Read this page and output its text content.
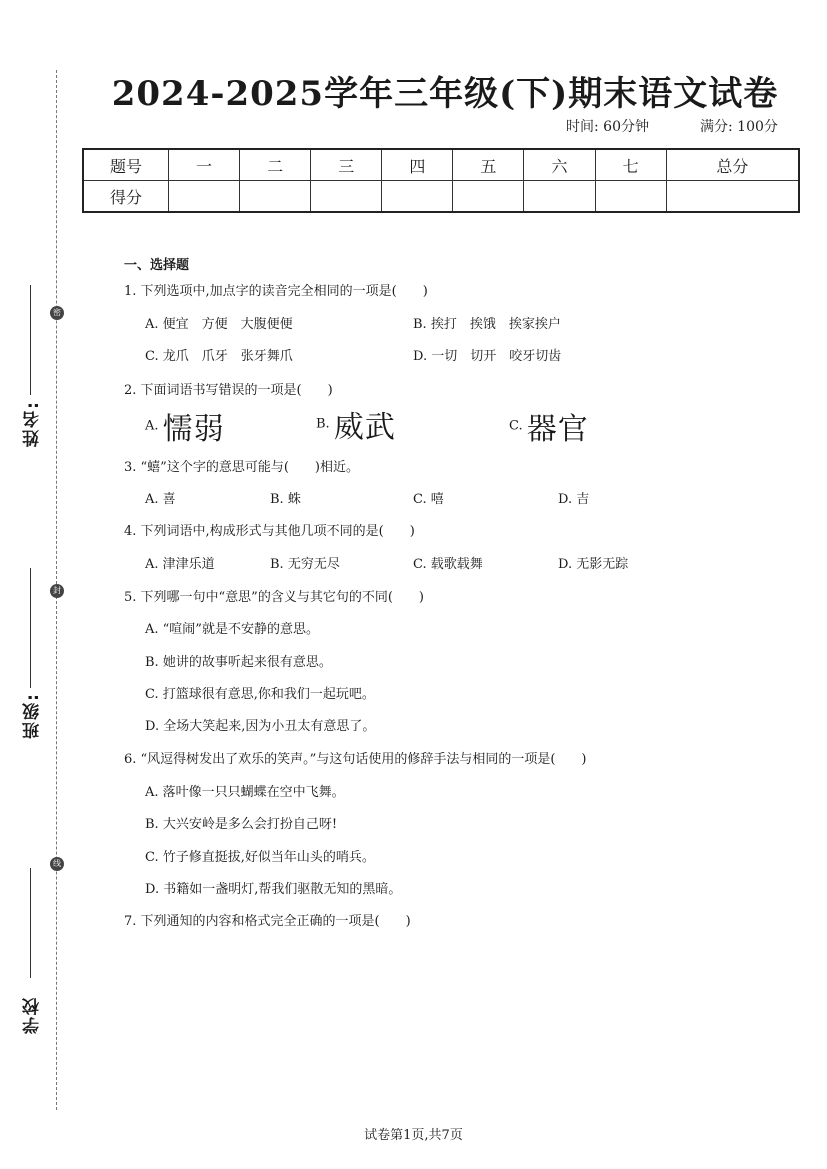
密
封
线
姓名:
班级:
学校
2024-2025学年三年级(下)期末语文试卷
时间: 60分钟	满分: 100分
题号	一	二	三	四	五	六	七	总分
得分								
一、选择题
1. 下列选项中,加点字的读音完全相同的一项是(　　)
A. 便宜　方便　大腹便便	B. 挨打　挨饿　挨家挨户
C. 龙爪　爪牙　张牙舞爪	D. 一切　切开　咬牙切齿
2. 下面词语书写错误的一项是(　　)
A. 懦弱	B. 威武	C. 器官
3. “蟢”这个字的意思可能与(　　)相近。
A. 喜	B. 蛛	C. 嘻	D. 吉
4. 下列词语中,构成形式与其他几项不同的是(　　)
A. 津津乐道	B. 无穷无尽	C. 载歌载舞	D. 无影无踪
5. 下列哪一句中“意思”的含义与其它句的不同(　　)
A. “喧闹”就是不安静的意思。
B. 她讲的故事听起来很有意思。
C. 打篮球很有意思,你和我们一起玩吧。
D. 全场大笑起来,因为小丑太有意思了。
6. “风逗得树发出了欢乐的笑声。”与这句话使用的修辞手法与相同的一项是(　　)
A. 落叶像一只只蝴蝶在空中飞舞。
B. 大兴安岭是多么会打扮自己呀!
C. 竹子修直挺拔,好似当年山头的哨兵。
D. 书籍如一盏明灯,帮我们驱散无知的黑暗。
7. 下列通知的内容和格式完全正确的一项是(　　)
试卷第1页,共7页
